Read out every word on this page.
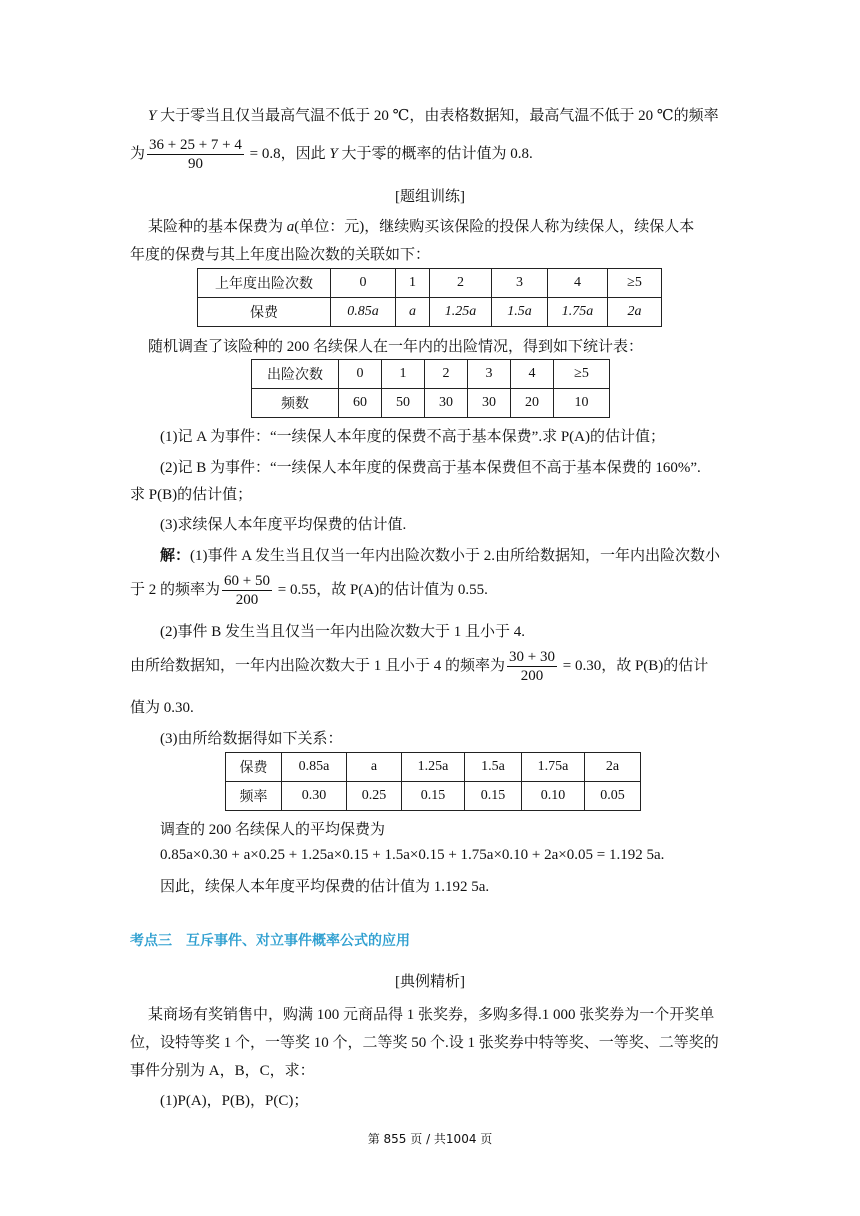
Y 大于零当且仅当最高气温不低于 20 ℃，由表格数据知，最高气温不低于 20 ℃的频率
为 $\frac{36 + 25 + 7 + 4}{90} = 0.8$，因此 Y 大于零的概率的估计值为 0.8.
[题组训练]
某险种的基本保费为 a(单位：元)，继续购买该保险的投保人称为续保人，续保人本
年度的保费与其上年度出险次数的关联如下：
上年度出险次数	0	1	2	3	4	≥5
保费	0.85a	a	1.25a	1.5a	1.75a	2a
随机调查了该险种的 200 名续保人在一年内的出险情况，得到如下统计表：
出险次数	0	1	2	3	4	≥5
频数	60	50	30	30	20	10
(1)记 A 为事件：“一续保人本年度的保费不高于基本保费”.求 P(A)的估计值；
(2)记 B 为事件：“一续保人本年度的保费高于基本保费但不高于基本保费的 160%”.
求 P(B)的估计值；
(3)求续保人本年度平均保费的估计值.
解：(1)事件 A 发生当且仅当一年内出险次数小于 2.由所给数据知，一年内出险次数小
于 2 的频率为 $\frac{60 + 50}{200} = 0.55$，故 P(A)的估计值为 0.55.
(2)事件 B 发生当且仅当一年内出险次数大于 1 且小于 4.
由所给数据知，一年内出险次数大于 1 且小于 4 的频率为 $\frac{30 + 30}{200} = 0.30$，故 P(B)的估计
值为 0.30.
(3)由所给数据得如下关系：
保费	0.85a	a	1.25a	1.5a	1.75a	2a
频率	0.30	0.25	0.15	0.15	0.10	0.05
调查的 200 名续保人的平均保费为
0.85a×0.30 + a×0.25 + 1.25a×0.15 + 1.5a×0.15 + 1.75a×0.10 + 2a×0.05 = 1.192 5a.
因此，续保人本年度平均保费的估计值为 1.192 5a.
考点三　互斥事件、对立事件概率公式的应用
[典例精析]
某商场有奖销售中，购满 100 元商品得 1 张奖券，多购多得.1 000 张奖券为一个开奖单
位，设特等奖 1 个，一等奖 10 个，二等奖 50 个.设 1 张奖券中特等奖、一等奖、二等奖的
事件分别为 A，B，C，求：
(1)P(A)，P(B)，P(C)；
第 855 页 / 共1004 页
